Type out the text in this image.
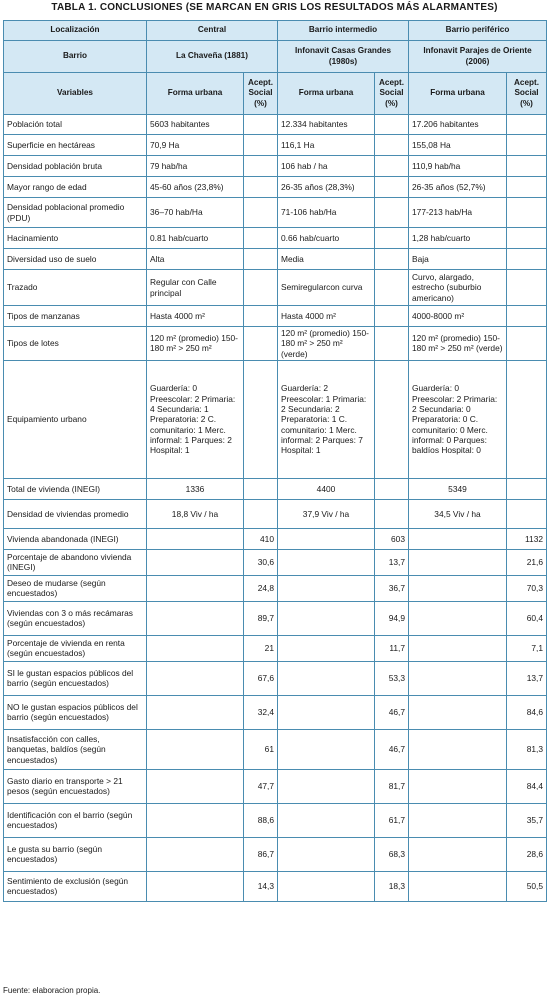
TABLA 1. CONCLUSIONES (SE MARCAN EN GRIS LOS RESULTADOS MÁS ALARMANTES)
Localización	Central		Barrio intermedio		Barrio periférico	
Barrio	La Chaveña (1881)		Infonavit Casas Grandes (1980s)		Infonavit Parajes de Oriente (2006)	
Variables	Forma urbana	Acept. Social (%)	Forma urbana	Acept. Social (%)	Forma urbana	Acept. Social (%)
Población total	5603 habitantes		12.334 habitantes		17.206 habitantes	
Superficie en hectáreas	70,9 Ha		116,1 Ha		155,08 Ha	
Densidad población bruta	79 hab/ha		106 hab / ha		110,9 hab/ha	
Mayor rango de edad	45-60 años (23,8%)		26-35 años (28,3%)		26-35 años (52,7%)	
Densidad poblacional promedio (PDU)	36–70 hab/Ha		71-106 hab/Ha		177-213 hab/Ha	
Hacinamiento	0.81 hab/cuarto		0.66 hab/cuarto		1,28 hab/cuarto	
Diversidad uso de suelo	Alta		Media		Baja	
Trazado	Regular con Calle principal		Semiregularcon curva		Curvo, alargado, estrecho (suburbio americano)	
Tipos de manzanas	Hasta 4000 m²		Hasta 4000 m²		4000-8000 m²	
Tipos de lotes	120 m² (promedio) 150-180 m² > 250 m²		120 m² (promedio) 150-180 m² > 250 m² (verde)		120 m² (promedio) 150-180 m² > 250 m² (verde)	
Equipamiento urbano	Guardería: 0 Preescolar: 2 Primaria: 4 Secundaria: 1 Preparatoria: 2 C. comunitario: 1 Merc. informal: 1 Parques: 2 Hospital: 1		Guardería: 2 Preescolar: 1 Primaria: 2 Secundaria: 2 Preparatoria: 1 C. comunitario: 1 Merc. informal: 2 Parques: 7 Hospital: 1		Guardería: 0 Preescolar: 2 Primaria: 2 Secundaria: 0 Preparatoria: 0 C. comunitario: 0 Merc. informal: 0 Parques: baldíos Hospital: 0	
Total de vivienda (INEGI)	1336		4400		5349	
Densidad de viviendas promedio	18,8 Viv / ha		37,9 Viv / ha		34,5 Viv / ha	
Vivienda abandonada (INEGI)		410		603		1132
Porcentaje de abandono vivienda (INEGI)		30,6		13,7		21,6
Deseo de mudarse (según encuestados)		24,8		36,7		70,3
Viviendas con 3 o más recámaras (según encuestados)		89,7		94,9		60,4
Porcentaje de vivienda en renta (según encuestados)		21		11,7		7,1
SI le gustan espacios públicos del barrio (según encuestados)		67,6		53,3		13,7
NO le gustan espacios públicos del barrio (según encuestados)		32,4		46,7		84,6
Insatisfacción con calles, banquetas, baldíos (según encuestados)		61		46,7		81,3
Gasto diario en transporte > 21 pesos (según encuestados)		47,7		81,7		84,4
Identificación con el barrio (según encuestados)		88,6		61,7		35,7
Le gusta su barrio (según encuestados)		86,7		68,3		28,6
Sentimiento de exclusión (según encuestados)		14,3		18,3		50,5
Fuente: elaboracion propia.
